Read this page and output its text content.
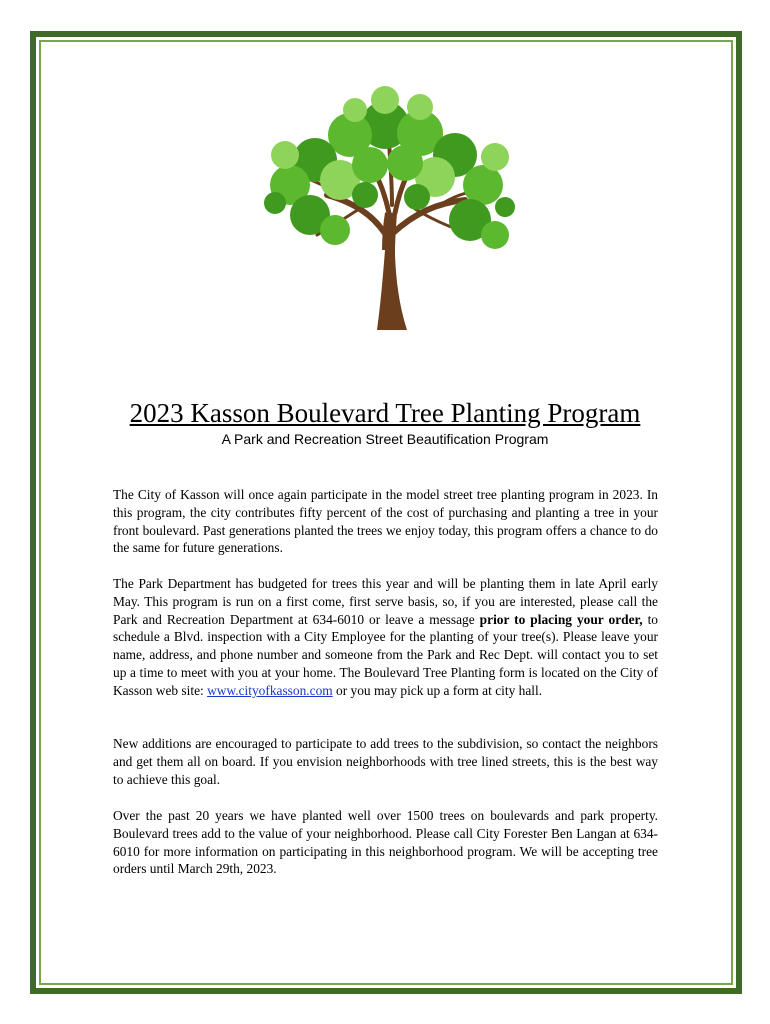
2023 Kasson Boulevard Tree Planting Program
A Park and Recreation Street Beautification Program

The City of Kasson will once again participate in the model street tree planting program in 2023. In this program, the city contributes fifty percent of the cost of purchasing and planting a tree in your front boulevard. Past generations planted the trees we enjoy today, this program offers a chance to do the same for future generations.

The Park Department has budgeted for trees this year and will be planting them in late April early May. This program is run on a first come, first serve basis, so, if you are interested, please call the Park and Recreation Department at 634-6010 or leave a message prior to placing your order, to schedule a Blvd. inspection with a City Employee for the planting of your tree(s). Please leave your name, address, and phone number and someone from the Park and Rec Dept. will contact you to set up a time to meet with you at your home. The Boulevard Tree Planting form is located on the City of Kasson web site: www.cityofkasson.com or you may pick up a form at city hall.

New additions are encouraged to participate to add trees to the subdivision, so contact the neighbors and get them all on board. If you envision neighborhoods with tree lined streets, this is the best way to achieve this goal.

Over the past 20 years we have planted well over 1500 trees on boulevards and park property. Boulevard trees add to the value of your neighborhood. Please call City Forester Ben Langan at 634-6010 for more information on participating in this neighborhood program. We will be accepting tree orders until March 29th, 2023.
